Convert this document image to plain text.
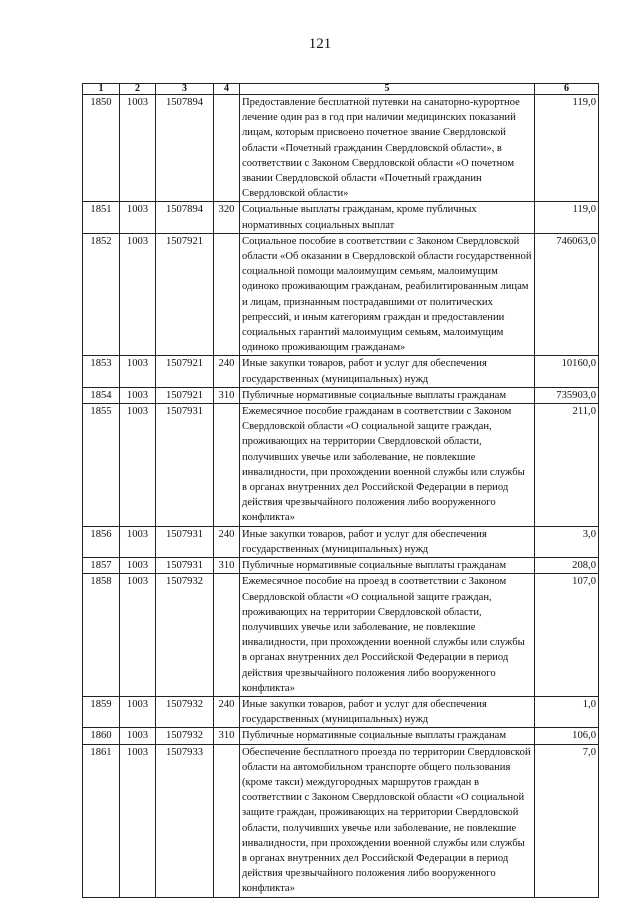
121
1	2	3	4	5	6
1850	1003	1507894		Предоставление бесплатной путевки на санаторно-курортное лечение один раз в год при наличии медицинских показаний лицам, которым присвоено почетное звание Свердловской области «Почетный гражданин Свердловской области», в соответствии с Законом Свердловской области «О почетном звании Свердловской области «Почетный гражданин Свердловской области»	119,0
1851	1003	1507894	320	Социальные выплаты гражданам, кроме публичных нормативных социальных выплат	119,0
1852	1003	1507921		Социальное пособие в соответствии с Законом Свердловской области «Об оказании в Свердловской области государственной социальной помощи малоимущим семьям, малоимущим одиноко проживающим гражданам, реабилитированным лицам и лицам, признанным пострадавшими от политических репрессий, и иным категориям граждан и предоставлении социальных гарантий малоимущим семьям, малоимущим одиноко проживающим гражданам»	746063,0
1853	1003	1507921	240	Иные закупки товаров, работ и услуг для обеспечения государственных (муниципальных) нужд	10160,0
1854	1003	1507921	310	Публичные нормативные социальные выплаты гражданам	735903,0
1855	1003	1507931		Ежемесячное пособие гражданам в соответствии с Законом Свердловской области «О социальной защите граждан, проживающих на территории Свердловской области, получивших увечье или заболевание, не повлекшие инвалидности, при прохождении военной службы или службы в органах внутренних дел Российской Федерации в период действия чрезвычайного положения либо вооруженного конфликта»	211,0
1856	1003	1507931	240	Иные закупки товаров, работ и услуг для обеспечения государственных (муниципальных) нужд	3,0
1857	1003	1507931	310	Публичные нормативные социальные выплаты гражданам	208,0
1858	1003	1507932		Ежемесячное пособие на проезд в соответствии с Законом Свердловской области «О социальной защите граждан, проживающих на территории Свердловской области, получивших увечье или заболевание, не повлекшие инвалидности, при прохождении военной службы или службы в органах внутренних дел Российской Федерации в период действия чрезвычайного положения либо вооруженного конфликта»	107,0
1859	1003	1507932	240	Иные закупки товаров, работ и услуг для обеспечения государственных (муниципальных) нужд	1,0
1860	1003	1507932	310	Публичные нормативные социальные выплаты гражданам	106,0
1861	1003	1507933		Обеспечение бесплатного проезда по территории Свердловской области на автомобильном транспорте общего пользования (кроме такси) междугородных маршрутов граждан в соответствии с Законом Свердловской области «О социальной защите граждан, проживающих на территории Свердловской области, получивших увечье или заболевание, не повлекшие инвалидности, при прохождении военной службы или службы в органах внутренних дел Российской Федерации в период действия чрезвычайного положения либо вооруженного конфликта»	7,0
